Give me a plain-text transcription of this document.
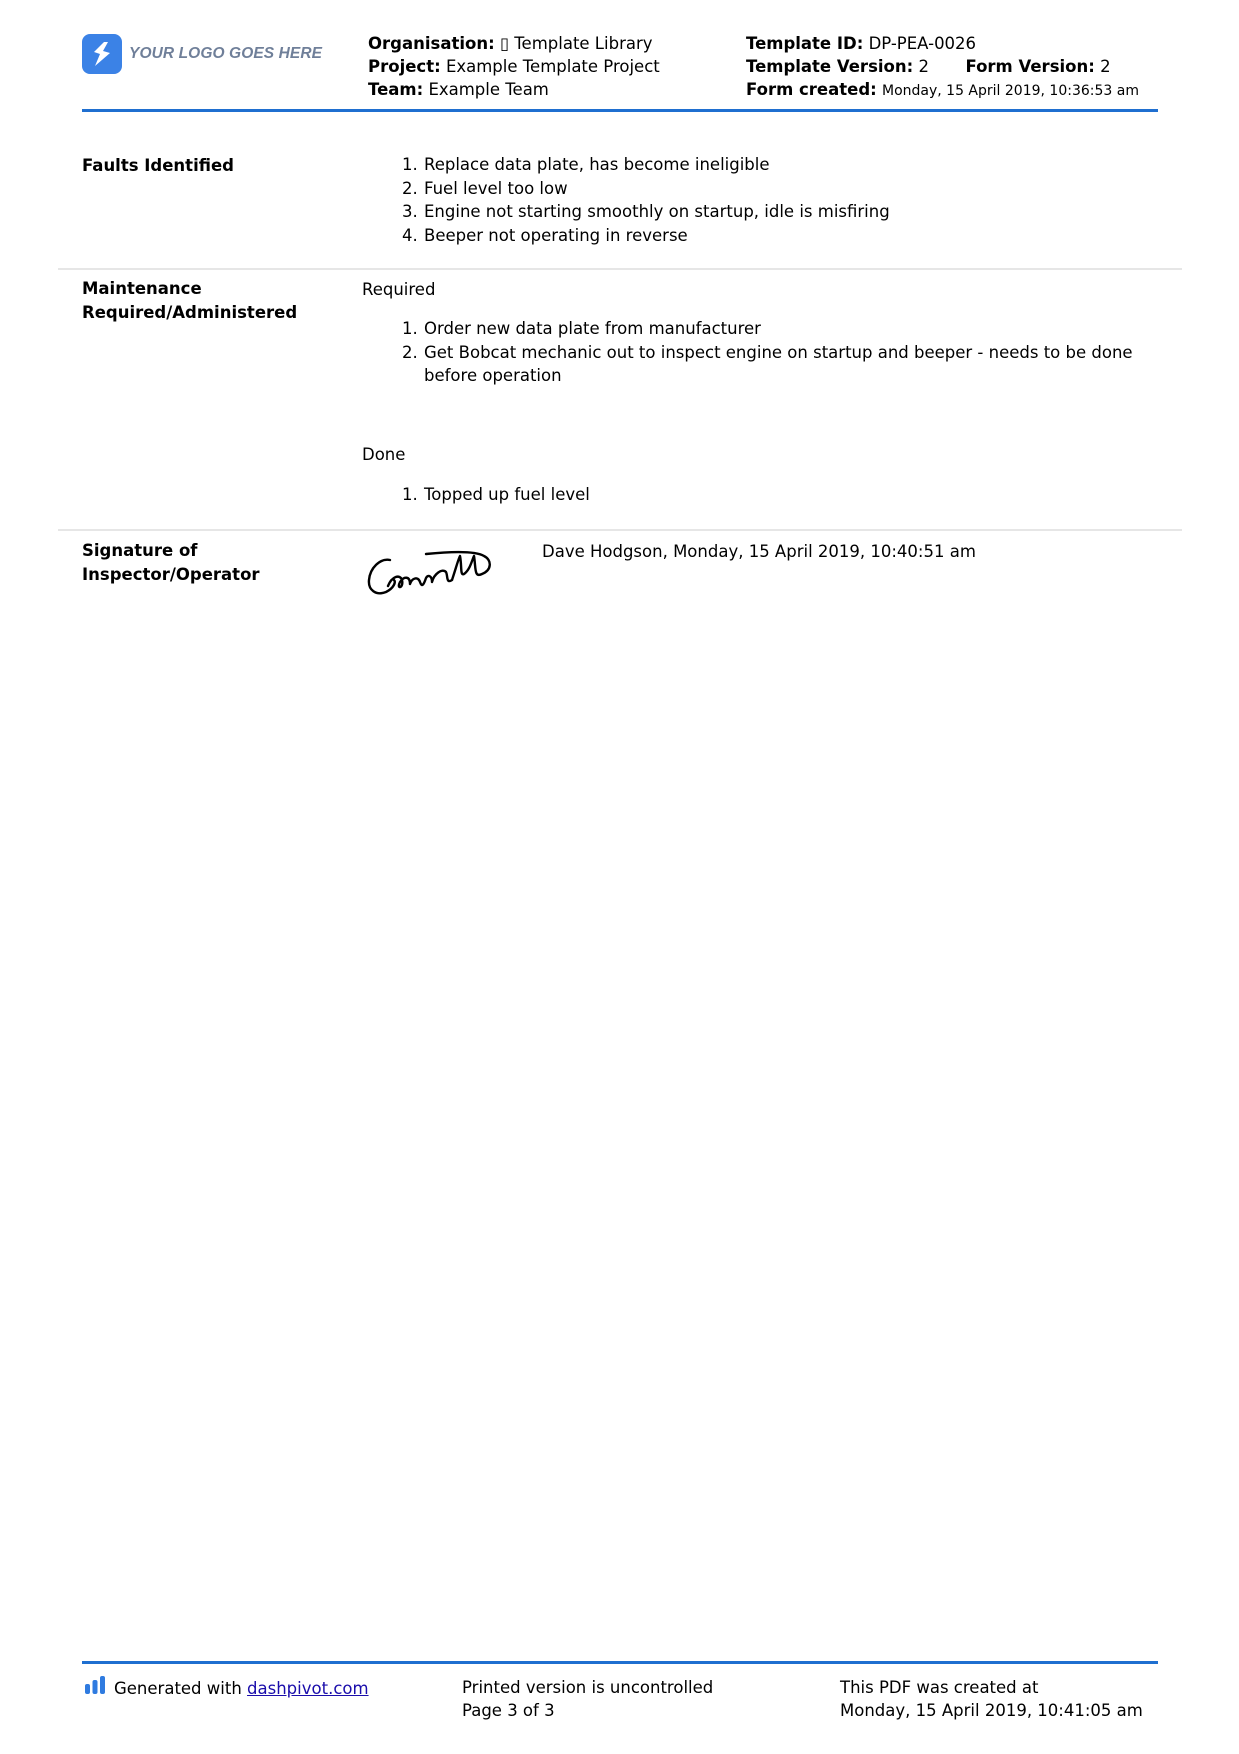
YOUR LOGO GOES HERE
Organisation: ▯ Template Library
Project: Example Template Project
Team: Example Team
Template ID: DP-PEA-0026
Template Version: 2 Form Version: 2
Form created: Monday, 15 April 2019, 10:36:53 am
Faults Identified	1. Replace data plate, has become ineligible
2. Fuel level too low
3. Engine not starting smoothly on startup, idle is misfiring
4. Beeper not operating in reverse
Maintenance
Required/Administered
Required
1. Order new data plate from manufacturer
2. Get Bobcat mechanic out to inspect engine on startup and beeper - needs to be done before operation
Done
1. Topped up fuel level
Signature of
Inspector/Operator
Dave Hodgson, Monday, 15 April 2019, 10:40:51 am
Generated with
dashpivot.com	Printed version is uncontrolled
Page 3 of 3
This PDF was created at
Monday, 15 April 2019, 10:41:05 am
